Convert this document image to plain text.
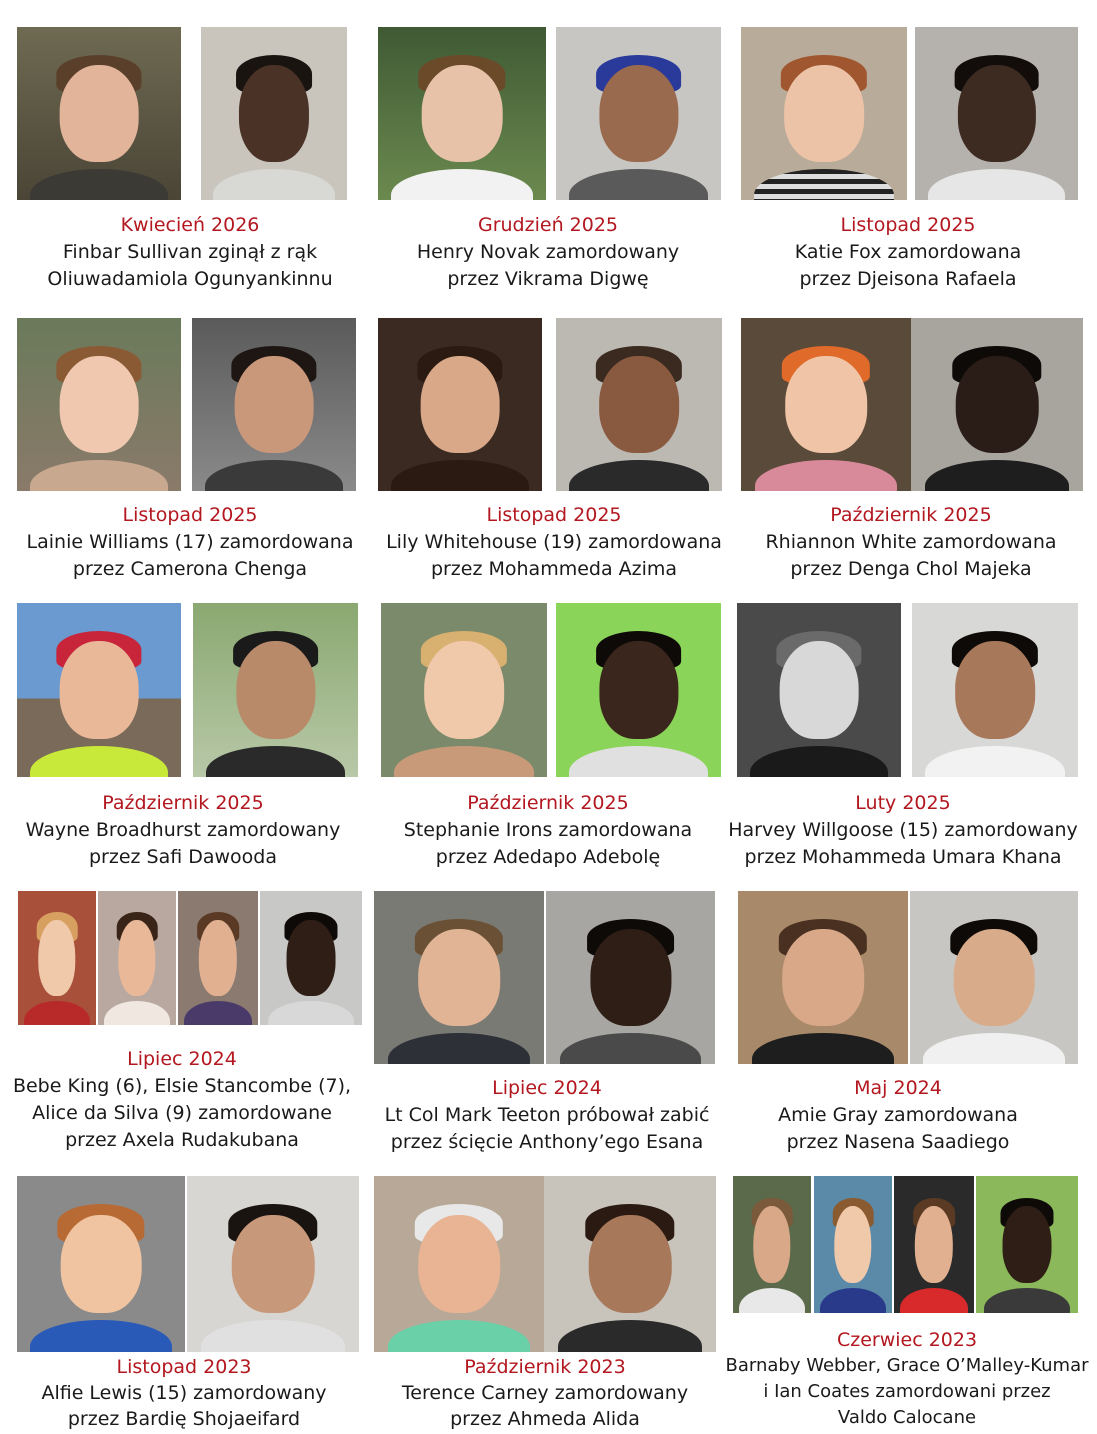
Kwiecień 2026
Finbar Sullivan zginął z rąk
Oliuwadamiola Ogunyankinnu
Grudzień 2025
Henry Novak zamordowany
przez Vikrama Digwę
Listopad 2025
Katie Fox zamordowana
przez Djeisona Rafaela
Listopad 2025
Lainie Williams (17) zamordowana
przez Camerona Chenga
Listopad 2025
Lily Whitehouse (19) zamordowana
przez Mohammeda Azima
Październik 2025
Rhiannon White zamordowana
przez Denga Chol Majeka
Październik 2025
Wayne Broadhurst zamordowany
przez Safi Dawooda
Październik 2025
Stephanie Irons zamordowana
przez Adedapo Adebolę
Luty 2025
Harvey Willgoose (15) zamordowany
przez Mohammeda Umara Khana
Lipiec 2024
Bebe King (6), Elsie Stancombe (7),
Alice da Silva (9) zamordowane
przez Axela Rudakubana
Lipiec 2024
Lt Col Mark Teeton próbował zabić
przez ścięcie Anthony’ego Esana
Maj 2024
Amie Gray zamordowana
przez Nasena Saadiego
Listopad 2023
Alfie Lewis (15) zamordowany
przez Bardię Shojaeifard
Październik 2023
Terence Carney zamordowany
przez Ahmeda Alida
Czerwiec 2023
Barnaby Webber, Grace O’Malley-Kumar
i Ian Coates zamordowani przez
Valdo Calocane
